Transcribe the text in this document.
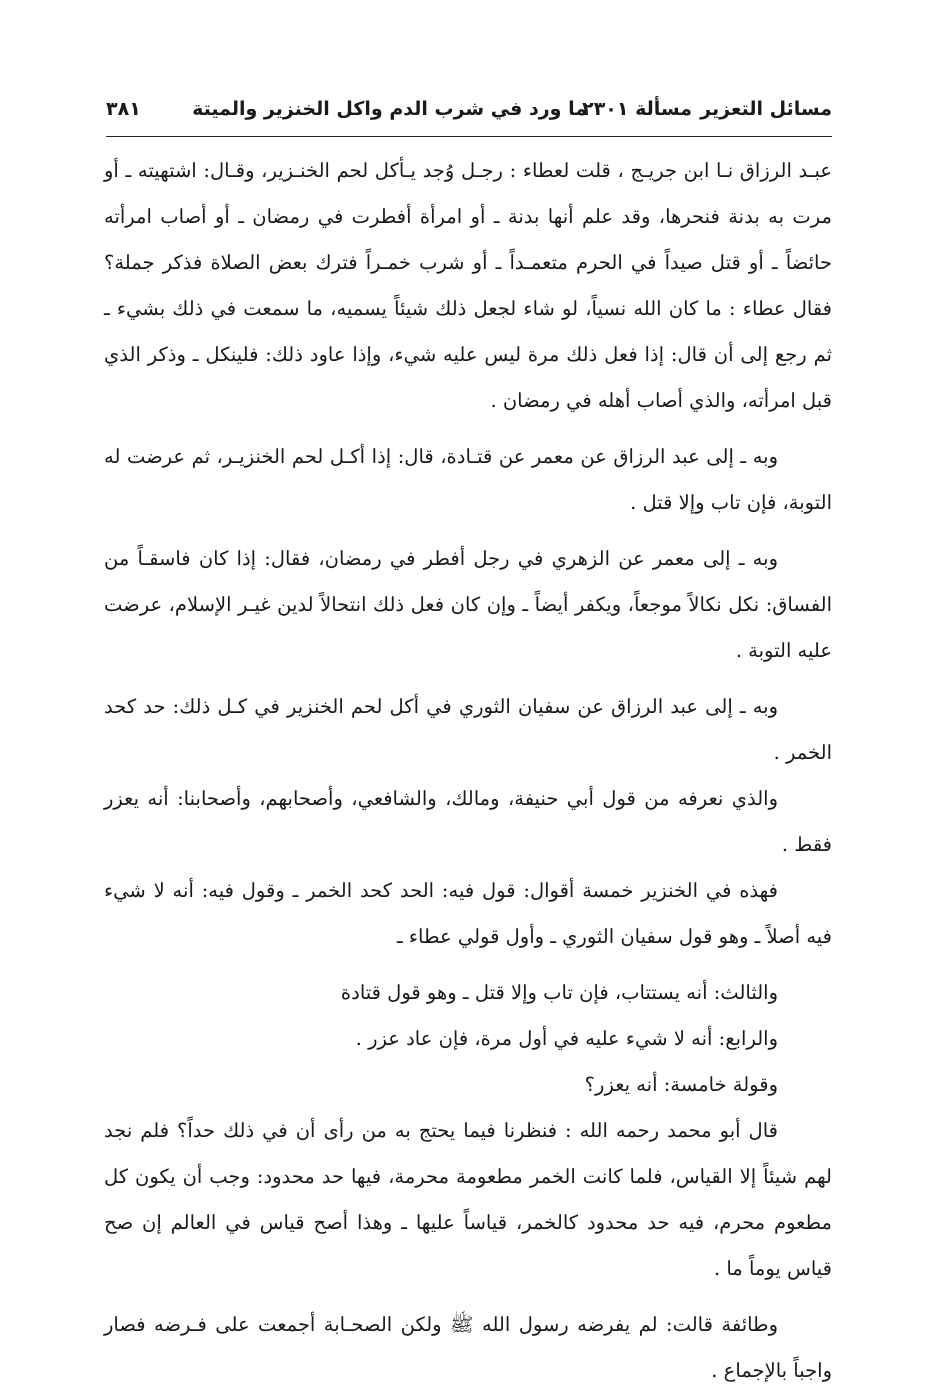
مسائل التعزير
مسألة ٢٣٠١
ما ورد في شرب الدم واكل الخنزير والميتة
٣٨١

عبـد الرزاق نـا ابن جريـج ، قلت لعطاء : رجـل وُجد يـأكل لحم الخنـزير، وقـال: اشتهيته ـ أو مرت به بدنة فنحرها، وقد علم أنها بدنة ـ أو امرأة أفطرت في رمضان ـ أو أصاب امرأته حائضاً ـ أو قتل صيداً في الحرم متعمـداً ـ أو شرب خمـراً فترك بعض الصلاة فذكر جملة؟ فقال عطاء : ما كان الله نسياً، لو شاء لجعل ذلك شيئاً يسميه، ما سمعت في ذلك بشيء ـ ثم رجع إلى أن قال: إذا فعل ذلك مرة ليس عليه شيء، وإذا عاود ذلك: فلينكل ـ وذكر الذي قبل امرأته، والذي أصاب أهله في رمضان .

وبه ـ إلى عبد الرزاق عن معمر عن قتـادة، قال: إذا أكـل لحم الخنزيـر، ثم عرضت له التوبة، فإن تاب وإلا قتل .

وبه ـ إلى معمر عن الزهري في رجل أفطر في رمضان، فقال: إذا كان فاسقـاً من الفساق: نكل نكالاً موجعاً، ويكفر أيضاً ـ وإن كان فعل ذلك انتحالاً لدين غيـر الإسلام، عرضت عليه التوبة .

وبه ـ إلى عبد الرزاق عن سفيان الثوري في أكل لحم الخنزير في كـل ذلك: حد كحد الخمر .

والذي نعرفه من قول أبي حنيفة، ومالك، والشافعي، وأصحابهم، وأصحابنا: أنه يعزر فقط .

فهذه في الخنزير خمسة أقوال: قول فيه: الحد كحد الخمر ـ وقول فيه: أنه لا شيء فيه أصلاً ـ وهو قول سفيان الثوري ـ وأول قولي عطاء ـ

والثالث: أنه يستتاب، فإن تاب وإلا قتل ـ وهو قول قتادة

والرابع: أنه لا شيء عليه في أول مرة، فإن عاد عزر .

وقولة خامسة: أنه يعزر؟

قال أبو محمد رحمه الله : فنظرنا فيما يحتج به من رأى أن في ذلك حداً؟ فلم نجد لهم شيئاً إلا القياس، فلما كانت الخمر مطعومة محرمة، فيها حد محدود: وجب أن يكون كل مطعوم محرم، فيه حد محدود كالخمر، قياساً عليها ـ وهذا أصح قياس في العالم إن صح قياس يوماً ما .

وطائفة قالت: لم يفرضه رسول الله ﷺ ولكن الصحـابة أجمعت على فـرضه فصار واجباً بالإجماع .
